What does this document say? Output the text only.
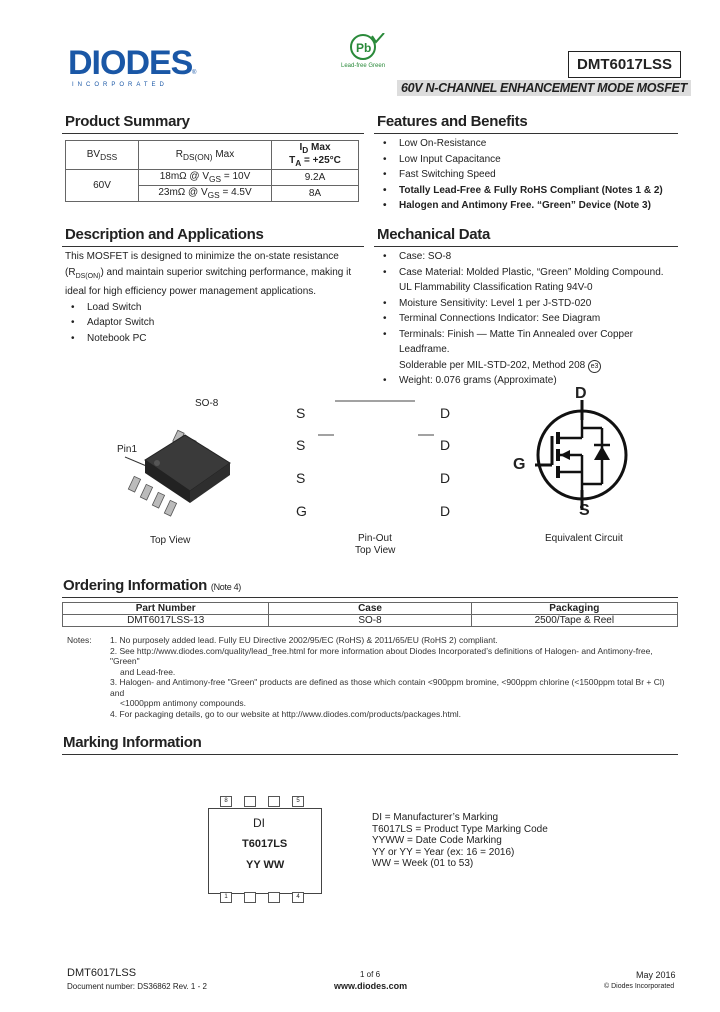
DIODES ®
INCORPORATED
Pb
Lead-free Green	DMT6017LSS
60V N-CHANNEL ENHANCEMENT MODE MOSFET
Product Summary
$BV_{DSS}$	$R_{DS(ON)}$ Max	$I_D$ Max
$T_A = +25^\circ C$
60V	18mΩ @ $V_{GS} = 10V$	9.2A
	23mΩ @ $V_{GS} = 4.5V$	8A
Features and Benefits
• Low On-Resistance
• Low Input Capacitance
• Fast Switching Speed
• Totally Lead-Free & Fully RoHS Compliant (Notes 1 & 2)
• Halogen and Antimony Free. “Green” Device (Note 3)
Description and Applications
This MOSFET is designed to minimize the on-state resistance
$(R_{DS(ON)})$ and maintain superior switching performance, making it
ideal for high efficiency power management applications.
• Load Switch
• Adaptor Switch
• Notebook PC
Mechanical Data
• Case: SO-8
• Case Material: Molded Plastic, “Green” Molding Compound.
UL Flammability Classification Rating 94V-0
• Moisture Sensitivity: Level 1 per J-STD-020
• Terminal Connections Indicator: See Diagram
• Terminals: Finish — Matte Tin Annealed over Copper Leadframe.
Solderable per MIL-STD-202, Method 208 e3
• Weight: 0.076 grams (Approximate)
SO-8
Pin1
Top View
S
S
S
G
D
D
D
D
Pin-Out
Top View
D
G
S
Equivalent Circuit
Ordering Information (Note 4)
Part Number	Case	Packaging
DMT6017LSS-13	SO-8	2500/Tape & Reel
Notes: 1. No purposely added lead. Fully EU Directive 2002/95/EC (RoHS) & 2011/65/EU (RoHS 2) compliant.
2. See http://www.diodes.com/quality/lead_free.html for more information about Diodes Incorporated’s definitions of Halogen- and Antimony-free, "Green"
and Lead-free.
3. Halogen- and Antimony-free "Green" products are defined as those which contain <900ppm bromine, <900ppm chlorine (<1500ppm total Br + Cl) and
<1000ppm antimony compounds.
4. For packaging details, go to our website at http://www.diodes.com/products/packages.html.
Marking Information
8	5
1	4
DI
T6017LS
YY WW
DI = Manufacturer’s Marking
T6017LS = Product Type Marking Code
YYWW = Date Code Marking
YY or YY = Year (ex: 16 = 2016)
WW = Week (01 to 53)
DMT6017LSS
Document number: DS36862 Rev. 1 - 2
1 of 6
www.diodes.com
May 2016
© Diodes Incorporated
